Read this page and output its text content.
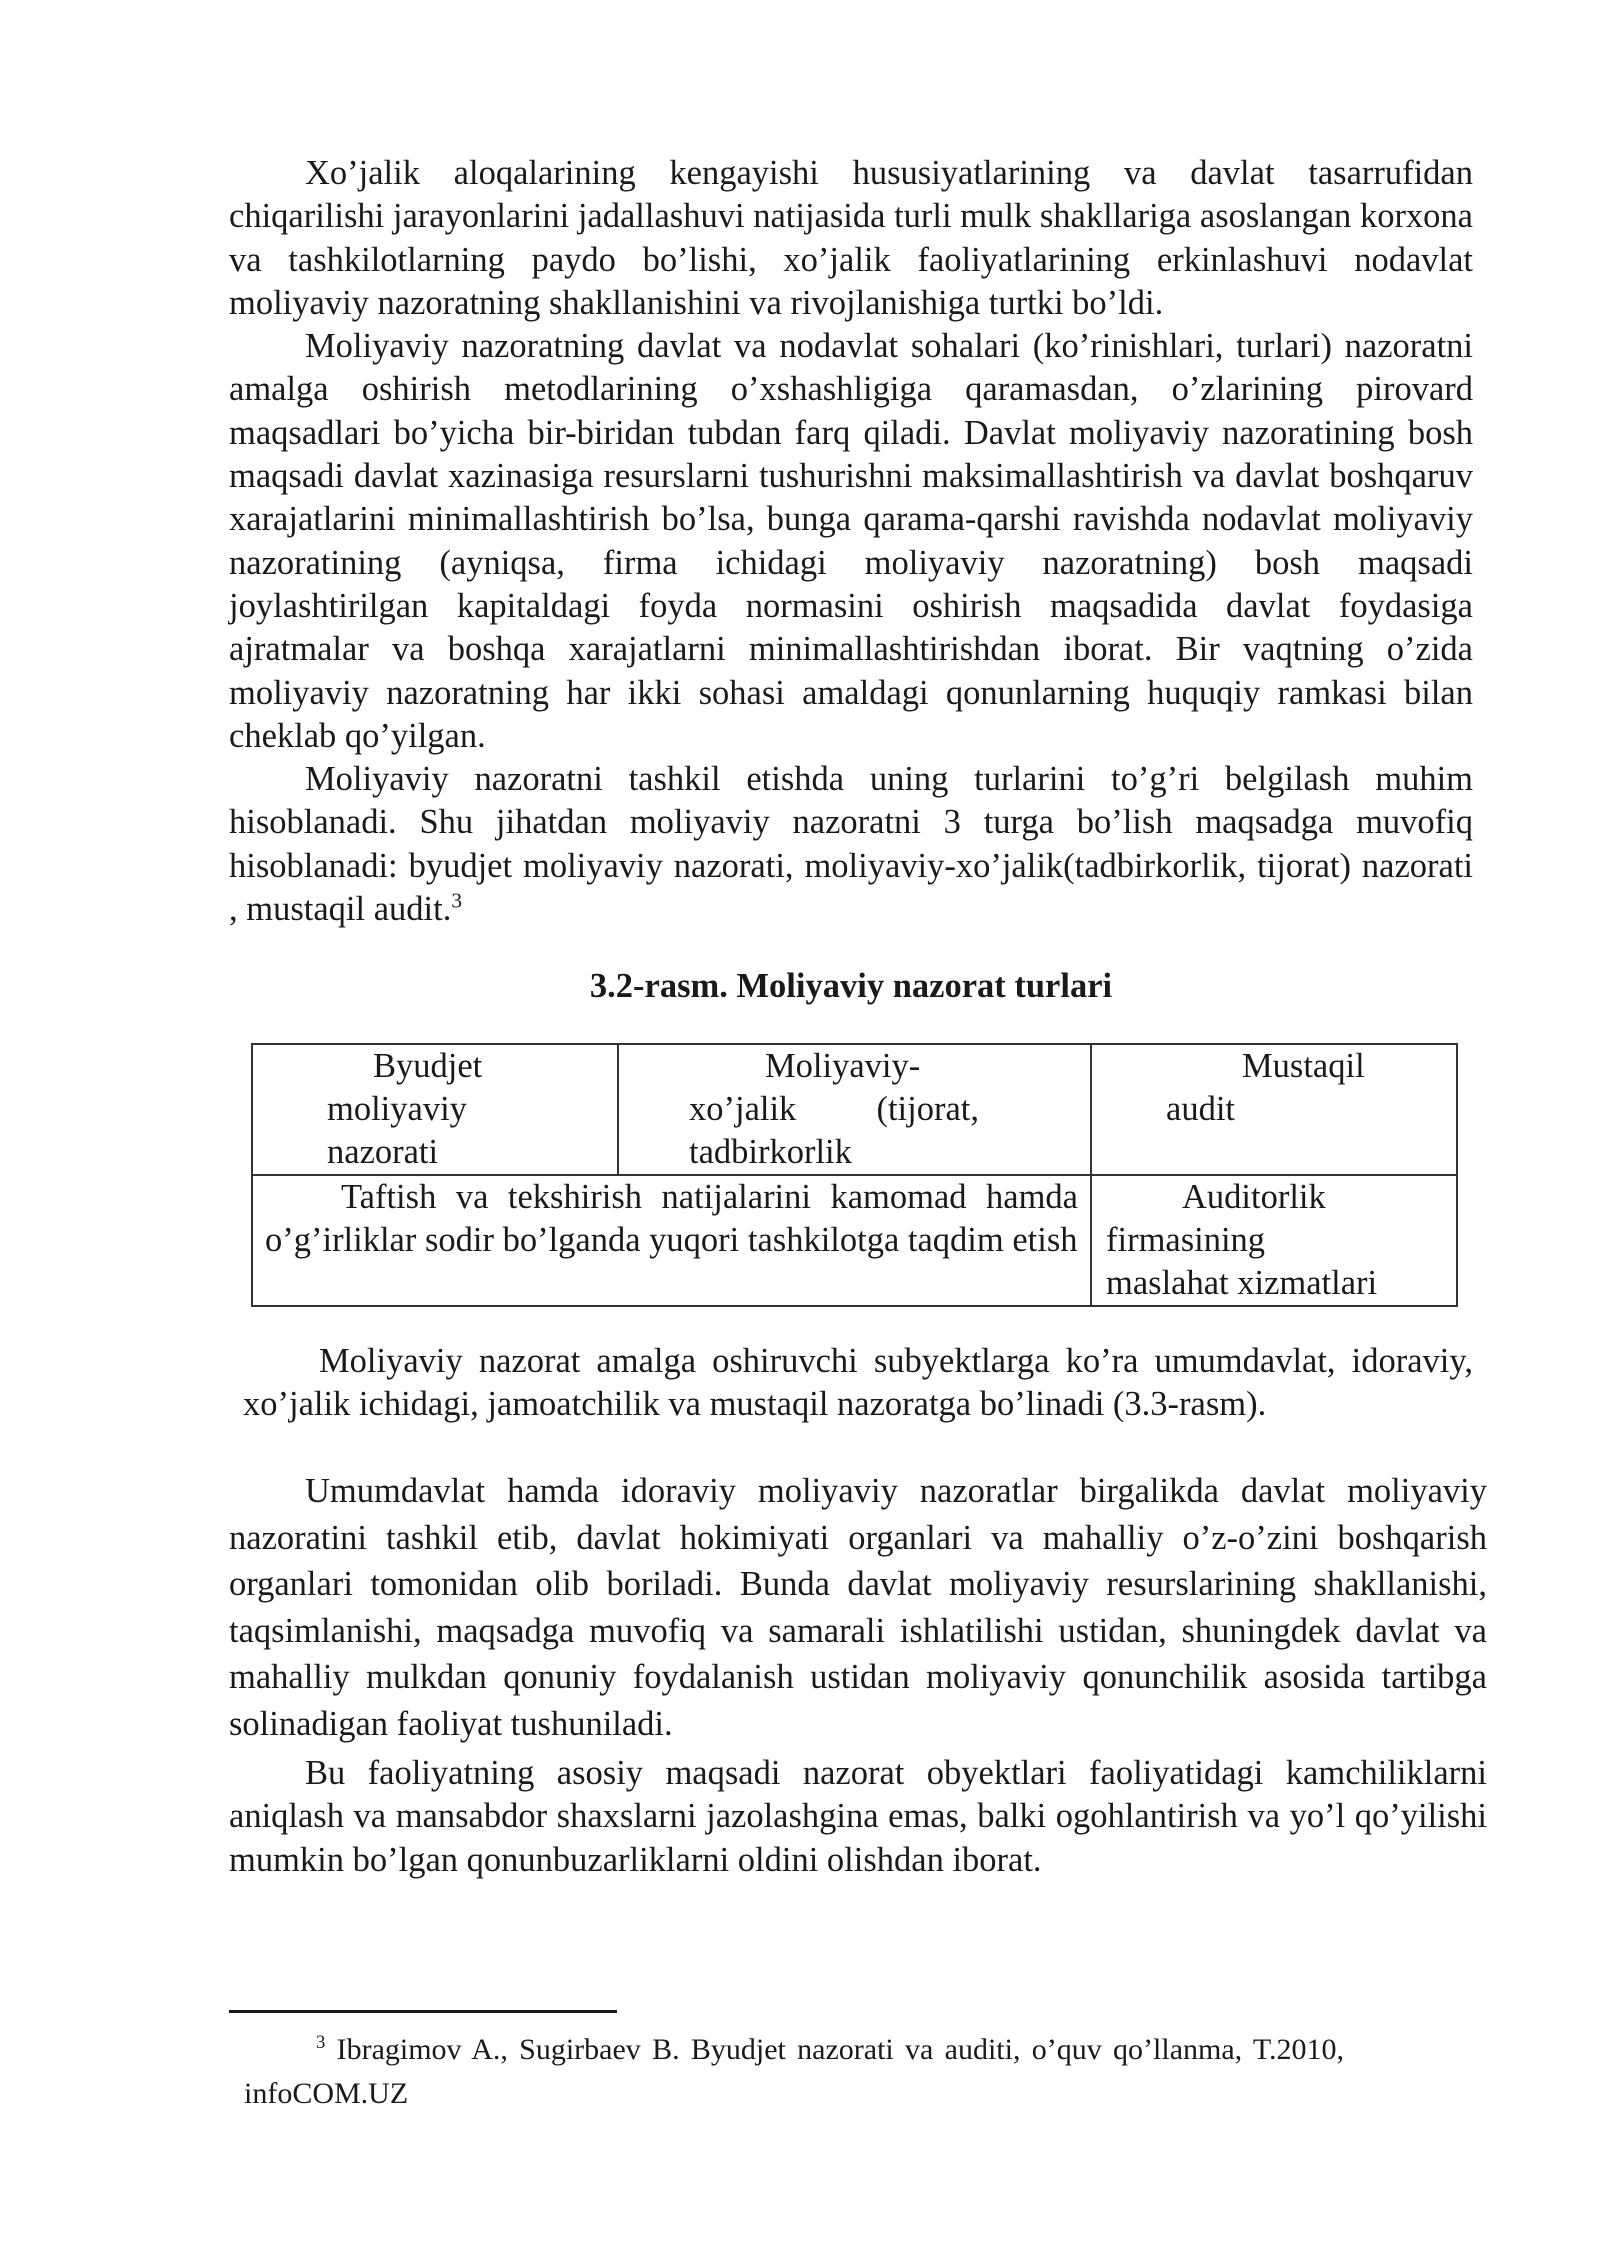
Xo’jalik aloqalarining kengayishi hususiyatlarining va davlat tasarrufidan chiqarilishi jarayonlarini jadallashuvi natijasida turli mulk shakllariga asoslangan korxona va tashkilotlarning paydo bo’lishi, xo’jalik faoliyatlarining erkinlashuvi nodavlat moliyaviy nazoratning shakllanishini va rivojlanishiga turtki bo’ldi.

Moliyaviy nazoratning davlat va nodavlat sohalari (ko’rinishlari, turlari) nazoratni amalga oshirish metodlarining o’xshashligiga qaramasdan, o’zlarining pirovard maqsadlari bo’yicha bir-biridan tubdan farq qiladi. Davlat moliyaviy nazoratining bosh maqsadi davlat xazinasiga resurslarni tushurishni maksimallashtirish va davlat boshqaruv xarajatlarini minimallashtirish bo’lsa, bunga qarama-qarshi ravishda nodavlat moliyaviy nazoratining (ayniqsa, firma ichidagi moliyaviy nazoratning) bosh maqsadi joylashtirilgan kapitaldagi foyda normasini oshirish maqsadida davlat foydasiga ajratmalar va boshqa xarajatlarni minimallashtirishdan iborat. Bir vaqtning o’zida moliyaviy nazoratning har ikki sohasi amaldagi qonunlarning huquqiy ramkasi bilan cheklab qo’yilgan.

Moliyaviy nazoratni tashkil etishda uning turlarini to’g’ri belgilash muhim hisoblanadi. Shu jihatdan moliyaviy nazoratni 3 turga bo’lish maqsadga muvofiq hisoblanadi: byudjet moliyaviy nazorati, moliyaviy-xo’jalik(tadbirkorlik, tijorat) nazorati , mustaqil audit.$^3$

3.2-rasm. Moliyaviy nazorat turlari
Byudjet
moliyaviy
nazorati	Moliyaviy-xo’jalik (tijorat, tadbirkorlik	Mustaqil audit

Taftish va tekshirish natijalarini kamomad hamda o’g’irliklar sodir bo’lganda yuqori tashkilotga taqdim etish		Auditorlik firmasining maslahat xizmatlari

Moliyaviy nazorat amalga oshiruvchi subyektlarga ko’ra umumdavlat, idoraviy, xo’jalik ichidagi, jamoatchilik va mustaqil nazoratga bo’linadi (3.3-rasm).

Umumdavlat hamda idoraviy moliyaviy nazoratlar birgalikda davlat moliyaviy nazoratini tashkil etib, davlat hokimiyati organlari va mahalliy o’z-o’zini boshqarish organlari tomonidan olib boriladi. Bunda davlat moliyaviy resurslarining shakllanishi, taqsimlanishi, maqsadga muvofiq va samarali ishlatilishi ustidan, shuningdek davlat va mahalliy mulkdan qonuniy foydalanish ustidan moliyaviy qonunchilik asosida tartibga solinadigan faoliyat tushuniladi.

Bu faoliyatning asosiy maqsadi nazorat obyektlari faoliyatidagi kamchiliklarni aniqlash va mansabdor shaxslarni jazolashgina emas, balki ogohlantirish va yo’l qo’yilishi mumkin bo’lgan qonunbuzarliklarni oldini olishdan iborat.

$^3$ Ibragimov A., Sugirbaev B. Byudjet nazorati va auditi, o’quv qo’llanma, T.2010, infoCOM.UZ
